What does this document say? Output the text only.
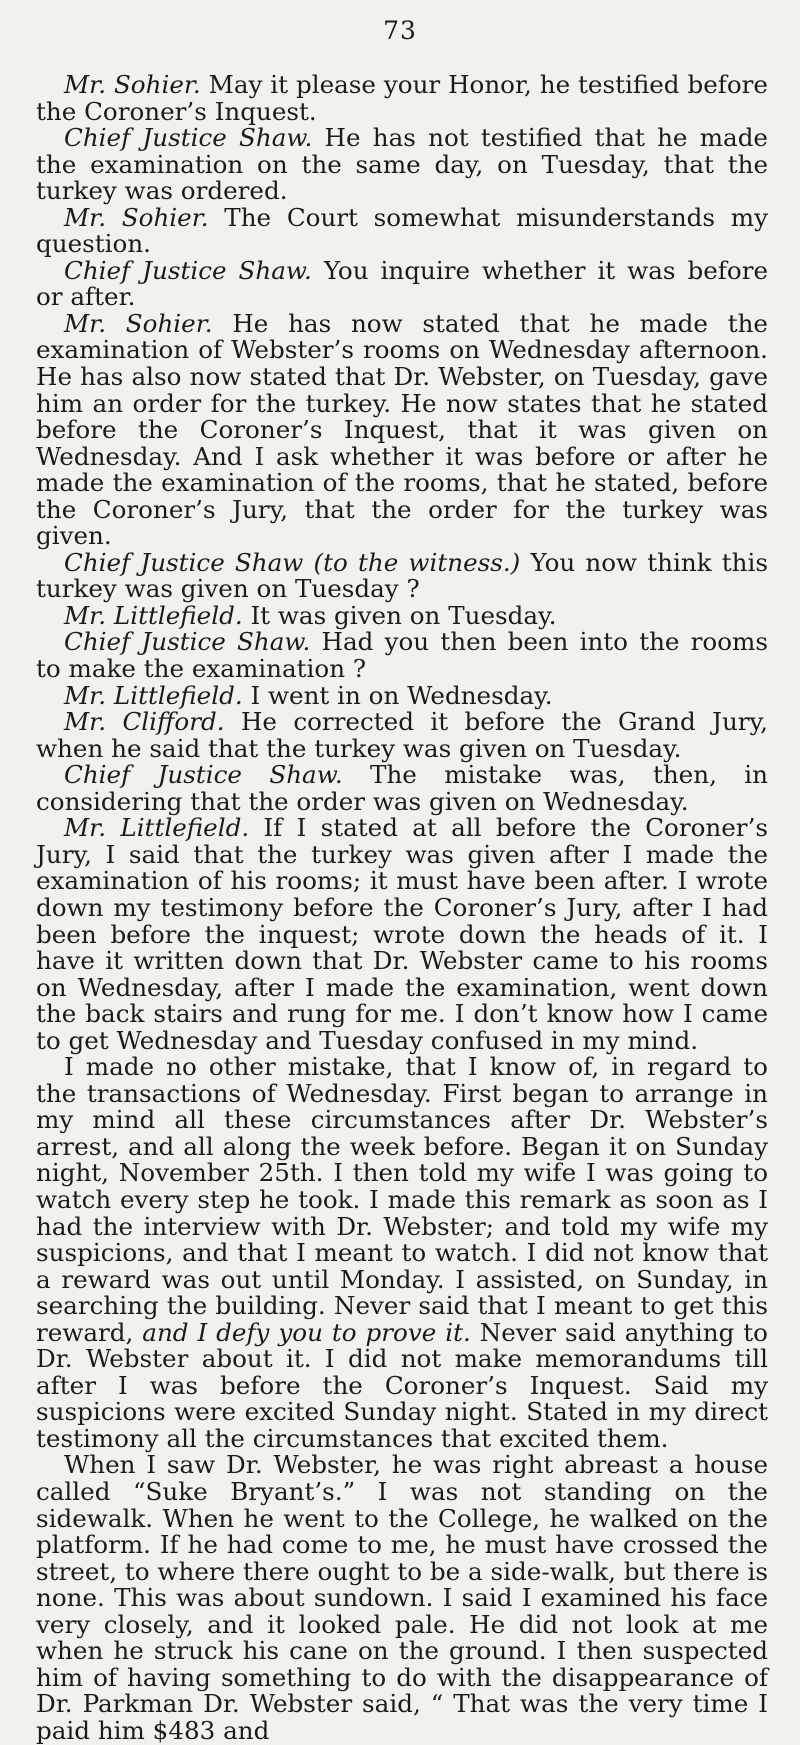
73

Mr. Sohier. May it please your Honor, he testified before the Coroner’s Inquest.

Chief Justice Shaw. He has not testified that he made the examination on the same day, on Tuesday, that the turkey was ordered.

Mr. Sohier. The Court somewhat misunderstands my question.

Chief Justice Shaw. You inquire whether it was before or after.

Mr. Sohier. He has now stated that he made the examination of Webster’s rooms on Wednesday afternoon. He has also now stated that Dr. Webster, on Tuesday, gave him an order for the turkey. He now states that he stated before the Coroner’s Inquest, that it was given on Wednesday. And I ask whether it was before or after he made the examination of the rooms, that he stated, before the Coroner’s Jury, that the order for the turkey was given.

Chief Justice Shaw (to the witness.) You now think this turkey was given on Tuesday ?

Mr. Littlefield. It was given on Tuesday.

Chief Justice Shaw. Had you then been into the rooms to make the examination ?

Mr. Littlefield. I went in on Wednesday.

Mr. Clifford. He corrected it before the Grand Jury, when he said that the turkey was given on Tuesday.

Chief Justice Shaw. The mistake was, then, in considering that the order was given on Wednesday.

Mr. Littlefield. If I stated at all before the Coroner’s Jury, I said that the turkey was given after I made the examination of his rooms; it must have been after. I wrote down my testimony before the Coroner’s Jury, after I had been before the inquest; wrote down the heads of it. I have it written down that Dr. Webster came to his rooms on Wednesday, after I made the examination, went down the back stairs and rung for me. I don’t know how I came to get Wednesday and Tuesday confused in my mind.

I made no other mistake, that I know of, in regard to the transactions of Wednesday. First began to arrange in my mind all these circumstances after Dr. Webster’s arrest, and all along the week before. Began it on Sunday night, November 25th. I then told my wife I was going to watch every step he took. I made this remark as soon as I had the interview with Dr. Webster; and told my wife my suspicions, and that I meant to watch. I did not know that a reward was out until Monday. I assisted, on Sunday, in searching the building. Never said that I meant to get this reward, and I defy you to prove it. Never said anything to Dr. Webster about it. I did not make memorandums till after I was before the Coroner’s Inquest. Said my suspicions were excited Sunday night. Stated in my direct testimony all the circumstances that excited them.

When I saw Dr. Webster, he was right abreast a house called “Suke Bryant’s.” I was not standing on the sidewalk. When he went to the College, he walked on the platform. If he had come to me, he must have crossed the street, to where there ought to be a side-walk, but there is none. This was about sundown. I said I examined his face very closely, and it looked pale. He did not look at me when he struck his cane on the ground. I then suspected him of having something to do with the disappearance of Dr. Parkman Dr. Webster said, “ That was the very time I paid him $483 and
